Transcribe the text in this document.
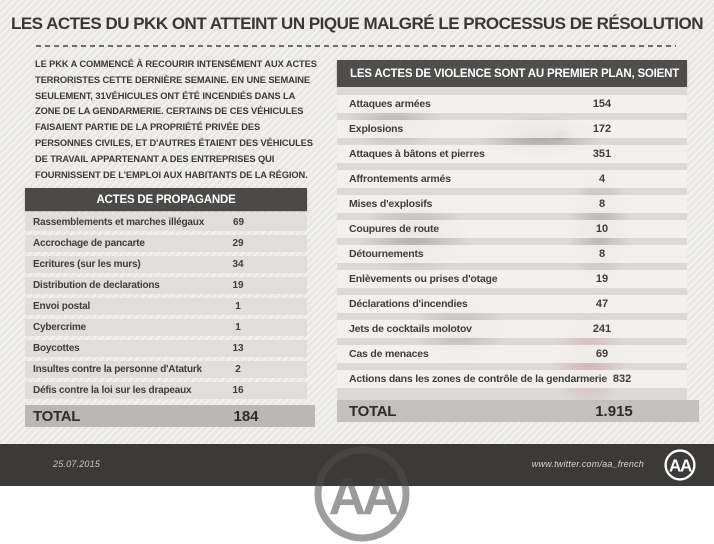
LES ACTES DU PKK ONT ATTEINT UN PIQUE MALGRÉ LE PROCESSUS DE RÉSOLUTION
LE PKK A COMMENCÉ À RECOURIR INTENSÉMENT AUX ACTES TERRORISTES CETTE DERNIÈRE SEMAINE. EN UNE SEMAINE SEULEMENT, 31VÉHICULES ONT ÉTÉ INCENDIÉS DANS LA ZONE DE LA GENDARMERIE. CERTAINS DE CES VÉHICULES FAISAIENT PARTIE DE LA PROPRIÉTÉ PRIVÉE DES PERSONNES CIVILES, ET D'AUTRES ÉTAIENT DES VÉHICULES DE TRAVAIL APPARTENANT A DES ENTREPRISES QUI FOURNISSENT DE L'EMPLOI AUX HABITANTS DE LA RÉGION.
ACTES DE PROPAGANDE
Rassemblements et marches illégaux	69
Accrochage de pancarte	29
Ecritures (sur les murs)	34
Distribution de declarations	19
Envoi postal	1
Cybercrime	1
Boycottes	13
Insultes contre la personne d'Ataturk	2
Défis contre la loi sur les drapeaux	16
TOTAL	184
LES ACTES DE VIOLENCE SONT AU PREMIER PLAN, SOIENT
Attaques armées	154
Explosions	172
Attaques à bâtons et pierres	351
Affrontements armés	4
Mises d'explosifs	8
Coupures de route	10
Détournements	8
Enlèvements ou prises d'otage	19
Déclarations d'incendies	47
Jets de cocktails molotov	241
Cas de menaces	69
Actions dans les zones de contrôle de la gendarmerie 832
TOTAL	1.915
AA
25.07.2015	www.twitter.com/aa_french AA
